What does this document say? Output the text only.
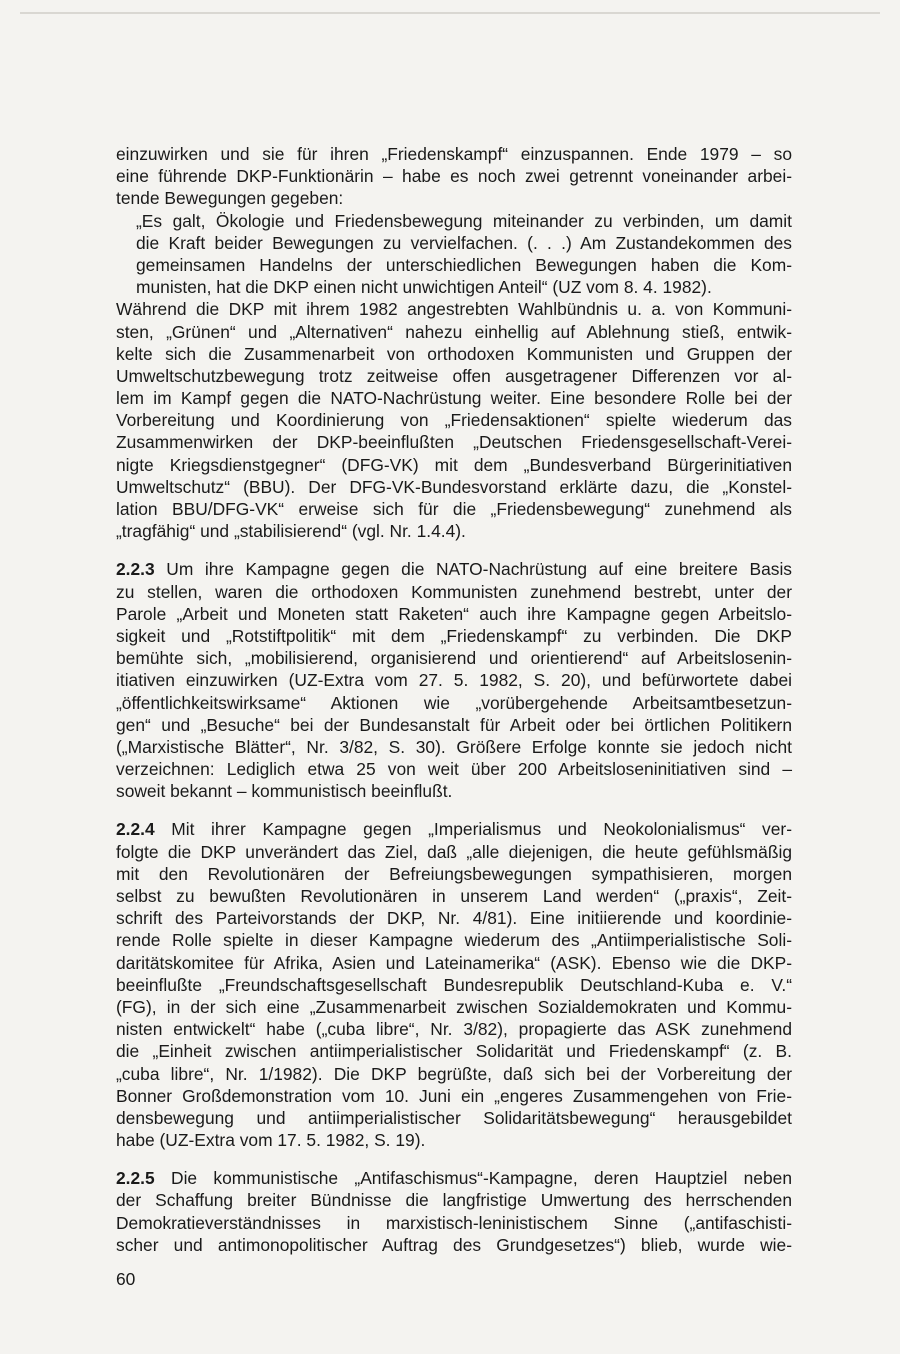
einzuwirken und sie für ihren „Friedenskampf“ einzuspannen. Ende 1979 – so
eine führende DKP-Funktionärin – habe es noch zwei getrennt voneinander arbei-
tende Bewegungen gegeben:
„Es galt, Ökologie und Friedensbewegung miteinander zu verbinden, um damit
die Kraft beider Bewegungen zu vervielfachen. (. . .) Am Zustandekommen des
gemeinsamen Handelns der unterschiedlichen Bewegungen haben die Kom-
munisten, hat die DKP einen nicht unwichtigen Anteil“ (UZ vom 8. 4. 1982).
Während die DKP mit ihrem 1982 angestrebten Wahlbündnis u. a. von Kommuni-
sten, „Grünen“ und „Alternativen“ nahezu einhellig auf Ablehnung stieß, entwik-
kelte sich die Zusammenarbeit von orthodoxen Kommunisten und Gruppen der
Umweltschutzbewegung trotz zeitweise offen ausgetragener Differenzen vor al-
lem im Kampf gegen die NATO-Nachrüstung weiter. Eine besondere Rolle bei der
Vorbereitung und Koordinierung von „Friedensaktionen“ spielte wiederum das
Zusammenwirken der DKP-beeinflußten „Deutschen Friedensgesellschaft-Verei-
nigte Kriegsdienstgegner“ (DFG-VK) mit dem „Bundesverband Bürgerinitiativen
Umweltschutz“ (BBU). Der DFG-VK-Bundesvorstand erklärte dazu, die „Konstel-
lation BBU/DFG-VK“ erweise sich für die „Friedensbewegung“ zunehmend als
„tragfähig“ und „stabilisierend“ (vgl. Nr. 1.4.4).
2.2.3 Um ihre Kampagne gegen die NATO-Nachrüstung auf eine breitere Basis
zu stellen, waren die orthodoxen Kommunisten zunehmend bestrebt, unter der
Parole „Arbeit und Moneten statt Raketen“ auch ihre Kampagne gegen Arbeitslo-
sigkeit und „Rotstiftpolitik“ mit dem „Friedenskampf“ zu verbinden. Die DKP
bemühte sich, „mobilisierend, organisierend und orientierend“ auf Arbeitslosenin-
itiativen einzuwirken (UZ-Extra vom 27. 5. 1982, S. 20), und befürwortete dabei
„öffentlichkeitswirksame“ Aktionen wie „vorübergehende Arbeitsamtbesetzun-
gen“ und „Besuche“ bei der Bundesanstalt für Arbeit oder bei örtlichen Politikern
(„Marxistische Blätter“, Nr. 3/82, S. 30). Größere Erfolge konnte sie jedoch nicht
verzeichnen: Lediglich etwa 25 von weit über 200 Arbeitsloseninitiativen sind –
soweit bekannt – kommunistisch beeinflußt.
2.2.4 Mit ihrer Kampagne gegen „Imperialismus und Neokolonialismus“ ver-
folgte die DKP unverändert das Ziel, daß „alle diejenigen, die heute gefühlsmäßig
mit den Revolutionären der Befreiungsbewegungen sympathisieren, morgen
selbst zu bewußten Revolutionären in unserem Land werden“ („praxis“, Zeit-
schrift des Parteivorstands der DKP, Nr. 4/81). Eine initiierende und koordinie-
rende Rolle spielte in dieser Kampagne wiederum des „Antiimperialistische Soli-
daritätskomitee für Afrika, Asien und Lateinamerika“ (ASK). Ebenso wie die DKP-
beeinflußte „Freundschaftsgesellschaft Bundesrepublik Deutschland-Kuba e. V.“
(FG), in der sich eine „Zusammenarbeit zwischen Sozialdemokraten und Kommu-
nisten entwickelt“ habe („cuba libre“, Nr. 3/82), propagierte das ASK zunehmend
die „Einheit zwischen antiimperialistischer Solidarität und Friedenskampf“ (z. B.
„cuba libre“, Nr. 1/1982). Die DKP begrüßte, daß sich bei der Vorbereitung der
Bonner Großdemonstration vom 10. Juni ein „engeres Zusammengehen von Frie-
densbewegung und antiimperialistischer Solidaritätsbewegung“ herausgebildet
habe (UZ-Extra vom 17. 5. 1982, S. 19).
2.2.5 Die kommunistische „Antifaschismus“-Kampagne, deren Hauptziel neben
der Schaffung breiter Bündnisse die langfristige Umwertung des herrschenden
Demokratieverständnisses in marxistisch-leninistischem Sinne („antifaschisti-
scher und antimonopolitischer Auftrag des Grundgesetzes“) blieb, wurde wie-
60
